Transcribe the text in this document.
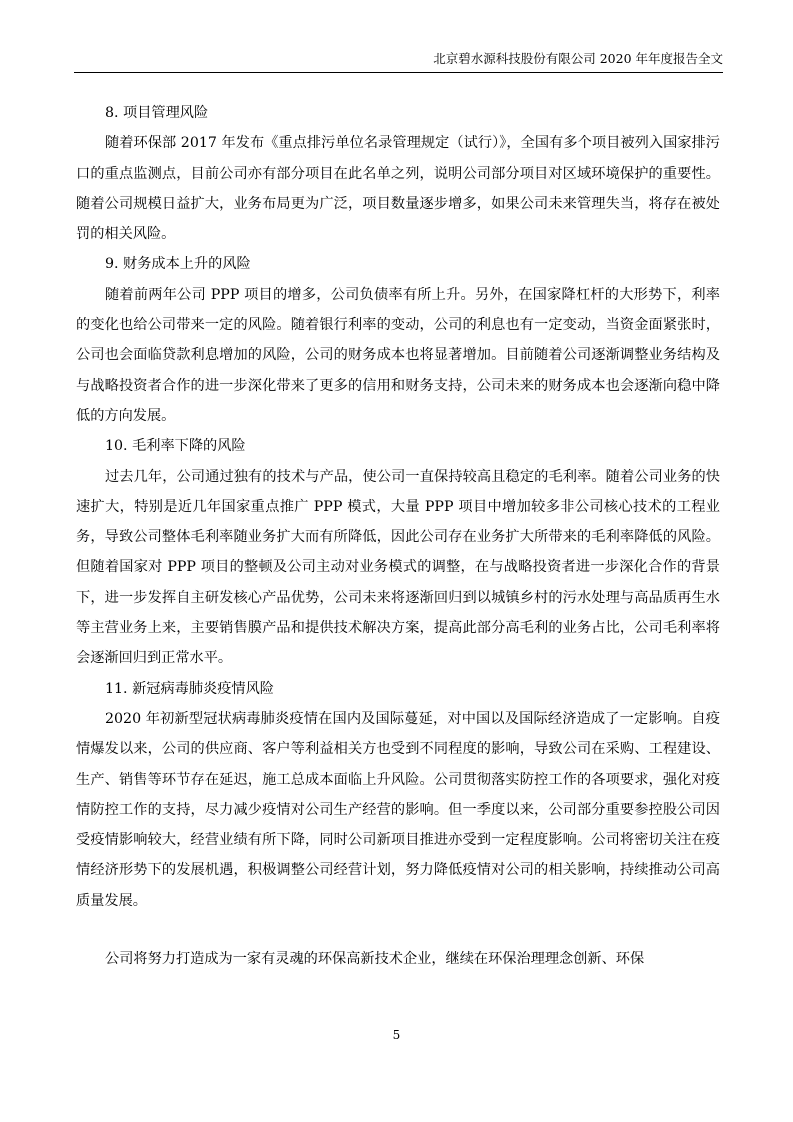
北京碧水源科技股份有限公司 2020 年年度报告全文

8. 项目管理风险

随着环保部 2017 年发布《重点排污单位名录管理规定（试行）》，全国有多个项目被列入国家排污口的重点监测点，目前公司亦有部分项目在此名单之列，说明公司部分项目对区域环境保护的重要性。随着公司规模日益扩大，业务布局更为广泛，项目数量逐步增多，如果公司未来管理失当，将存在被处罚的相关风险。

9. 财务成本上升的风险

随着前两年公司 PPP 项目的增多，公司负债率有所上升。另外，在国家降杠杆的大形势下，利率的变化也给公司带来一定的风险。随着银行利率的变动，公司的利息也有一定变动，当资金面紧张时，公司也会面临贷款利息增加的风险，公司的财务成本也将显著增加。目前随着公司逐渐调整业务结构及与战略投资者合作的进一步深化带来了更多的信用和财务支持，公司未来的财务成本也会逐渐向稳中降低的方向发展。

10. 毛利率下降的风险

过去几年，公司通过独有的技术与产品，使公司一直保持较高且稳定的毛利率。随着公司业务的快速扩大，特别是近几年国家重点推广 PPP 模式，大量 PPP 项目中增加较多非公司核心技术的工程业务，导致公司整体毛利率随业务扩大而有所降低，因此公司存在业务扩大所带来的毛利率降低的风险。但随着国家对 PPP 项目的整顿及公司主动对业务模式的调整，在与战略投资者进一步深化合作的背景下，进一步发挥自主研发核心产品优势，公司未来将逐渐回归到以城镇乡村的污水处理与高品质再生水等主营业务上来，主要销售膜产品和提供技术解决方案，提高此部分高毛利的业务占比，公司毛利率将会逐渐回归到正常水平。

11. 新冠病毒肺炎疫情风险

2020 年初新型冠状病毒肺炎疫情在国内及国际蔓延，对中国以及国际经济造成了一定影响。自疫情爆发以来，公司的供应商、客户等利益相关方也受到不同程度的影响，导致公司在采购、工程建设、生产、销售等环节存在延迟，施工总成本面临上升风险。公司贯彻落实防控工作的各项要求，强化对疫情防控工作的支持，尽力减少疫情对公司生产经营的影响。但一季度以来，公司部分重要参控股公司因受疫情影响较大，经营业绩有所下降，同时公司新项目推进亦受到一定程度影响。公司将密切关注在疫情经济形势下的发展机遇，积极调整公司经营计划，努力降低疫情对公司的相关影响，持续推动公司高质量发展。

公司将努力打造成为一家有灵魂的环保高新技术企业，继续在环保治理理念创新、环保

5
